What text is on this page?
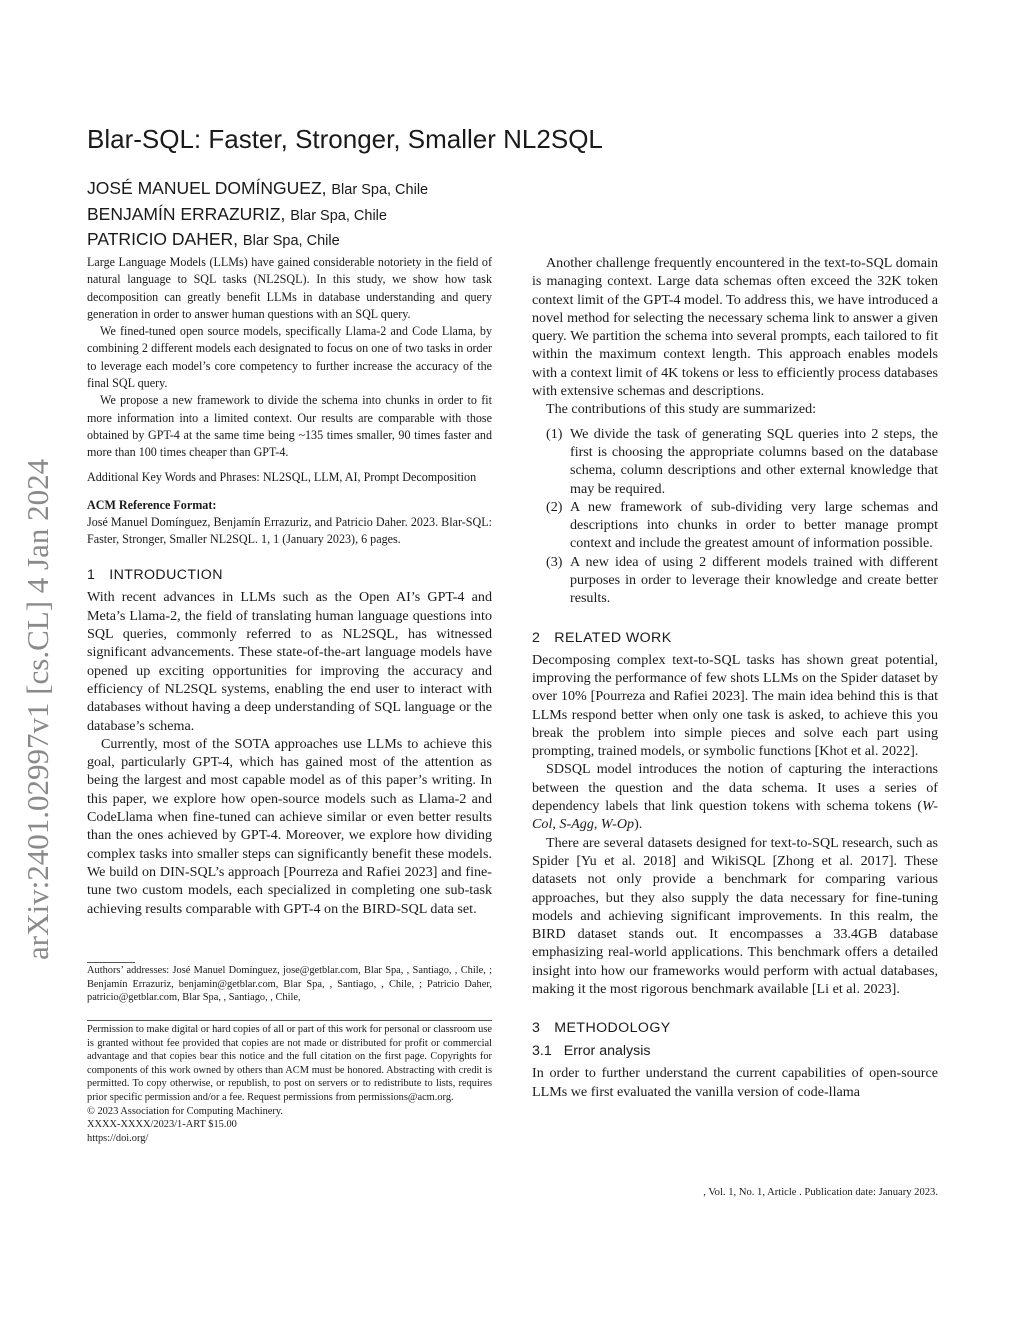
arXiv:2401.02997v1 [cs.CL] 4 Jan 2024
Blar-SQL: Faster, Stronger, Smaller NL2SQL
JOSÉ MANUEL DOMÍNGUEZ, Blar Spa, Chile
BENJAMÍN ERRAZURIZ, Blar Spa, Chile
PATRICIO DAHER, Blar Spa, Chile

Large Language Models (LLMs) have gained considerable notoriety in the field of natural language to SQL tasks (NL2SQL). In this study, we show how task decomposition can greatly benefit LLMs in database understanding and query generation in order to answer human questions with an SQL query.

We fined-tuned open source models, specifically Llama-2 and Code Llama, by combining 2 different models each designated to focus on one of two tasks in order to leverage each model’s core competency to further increase the accuracy of the final SQL query.

We propose a new framework to divide the schema into chunks in order to fit more information into a limited context. Our results are comparable with those obtained by GPT-4 at the same time being ~135 times smaller, 90 times faster and more than 100 times cheaper than GPT-4.

Additional Key Words and Phrases: NL2SQL, LLM, AI, Prompt Decomposition

ACM Reference Format:

José Manuel Domínguez, Benjamín Errazuriz, and Patricio Daher. 2023. Blar-SQL: Faster, Stronger, Smaller NL2SQL. 1, 1 (January 2023), 6 pages.

1 INTRODUCTION

With recent advances in LLMs such as the Open AI’s GPT-4 and Meta’s Llama-2, the field of translating human language questions into SQL queries, commonly referred to as NL2SQL, has witnessed significant advancements. These state-of-the-art language models have opened up exciting opportunities for improving the accuracy and efficiency of NL2SQL systems, enabling the end user to interact with databases without having a deep understanding of SQL language or the database’s schema.

Currently, most of the SOTA approaches use LLMs to achieve this goal, particularly GPT-4, which has gained most of the attention as being the largest and most capable model as of this paper’s writing. In this paper, we explore how open-source models such as Llama-2 and CodeLlama when fine-tuned can achieve similar or even better results than the ones achieved by GPT-4. Moreover, we explore how dividing complex tasks into smaller steps can significantly benefit these models. We build on DIN-SQL’s approach [Pourreza and Rafiei 2023] and fine-tune two custom models, each specialized in completing one sub-task achieving results comparable with GPT-4 on the BIRD-SQL data set.

Authors’ addresses: José Manuel Domínguez, jose@getblar.com, Blar Spa, , Santiago, , Chile, ; Benjamín Errazuriz, benjamin@getblar.com, Blar Spa, , Santiago, , Chile, ; Patricio Daher, patricio@getblar.com, Blar Spa, , Santiago, , Chile,
Permission to make digital or hard copies of all or part of this work for personal or classroom use is granted without fee provided that copies are not made or distributed for profit or commercial advantage and that copies bear this notice and the full citation on the first page. Copyrights for components of this work owned by others than ACM must be honored. Abstracting with credit is permitted. To copy otherwise, or republish, to post on servers or to redistribute to lists, requires prior specific permission and/or a fee. Request permissions from permissions@acm.org.
© 2023 Association for Computing Machinery.
XXXX-XXXX/2023/1-ART $15.00
https://doi.org/

Another challenge frequently encountered in the text-to-SQL domain is managing context. Large data schemas often exceed the 32K token context limit of the GPT-4 model. To address this, we have introduced a novel method for selecting the necessary schema link to answer a given query. We partition the schema into several prompts, each tailored to fit within the maximum context length. This approach enables models with a context limit of 4K tokens or less to efficiently process databases with extensive schemas and descriptions.

The contributions of this study are summarized:

(1) We divide the task of generating SQL queries into 2 steps, the first is choosing the appropriate columns based on the database schema, column descriptions and other external knowledge that may be required.
(2) A new framework of sub-dividing very large schemas and descriptions into chunks in order to better manage prompt context and include the greatest amount of information possible.
(3) A new idea of using 2 different models trained with different purposes in order to leverage their knowledge and create better results.
2 RELATED WORK

Decomposing complex text-to-SQL tasks has shown great potential, improving the performance of few shots LLMs on the Spider dataset by over 10% [Pourreza and Rafiei 2023]. The main idea behind this is that LLMs respond better when only one task is asked, to achieve this you break the problem into simple pieces and solve each part using prompting, trained models, or symbolic functions [Khot et al. 2022].

SDSQL model introduces the notion of capturing the interactions between the question and the data schema. It uses a series of dependency labels that link question tokens with schema tokens (W-Col, S-Agg, W-Op).

There are several datasets designed for text-to-SQL research, such as Spider [Yu et al. 2018] and WikiSQL [Zhong et al. 2017]. These datasets not only provide a benchmark for comparing various approaches, but they also supply the data necessary for fine-tuning models and achieving significant improvements. In this realm, the BIRD dataset stands out. It encompasses a 33.4GB database emphasizing real-world applications. This benchmark offers a detailed insight into how our frameworks would perform with actual databases, making it the most rigorous benchmark available [Li et al. 2023].

3 METHODOLOGY
3.1 Error analysis

In order to further understand the current capabilities of open-source LLMs we first evaluated the vanilla version of code-llama

, Vol. 1, No. 1, Article . Publication date: January 2023.
